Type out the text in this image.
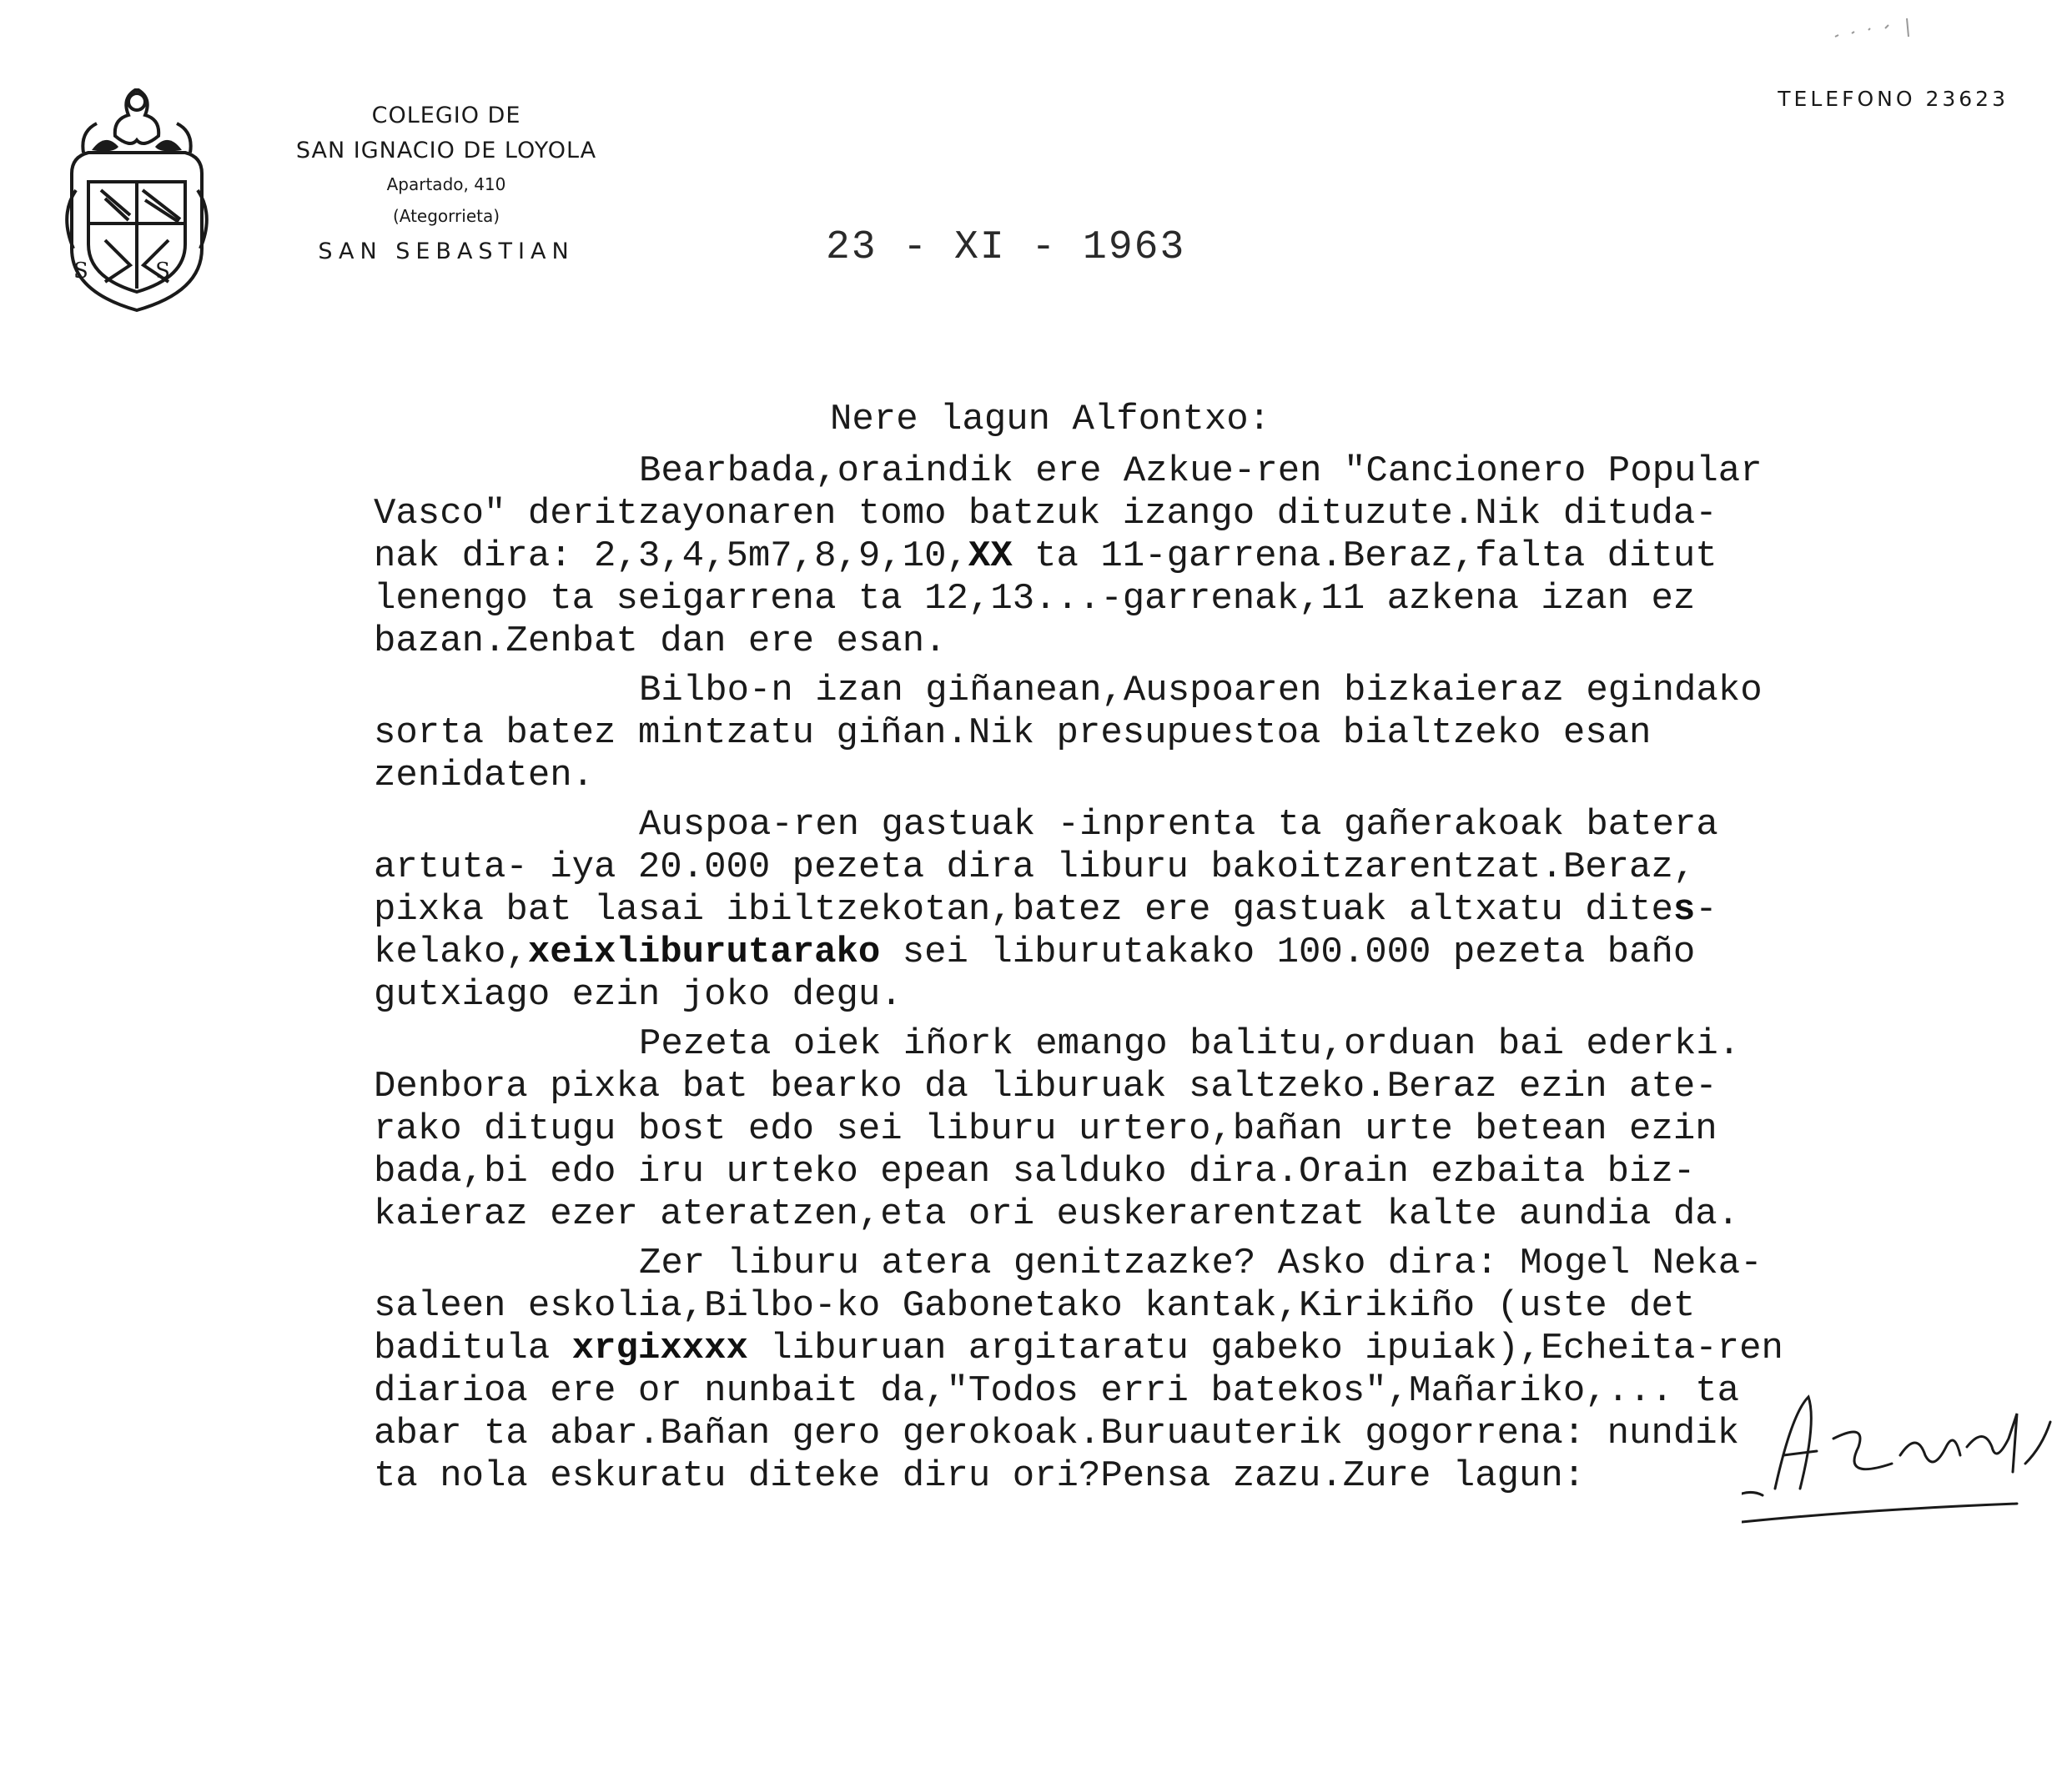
S S
COLEGIO DE
SAN IGNACIO DE LOYOLA
Apartado, 410
(Ategorrieta)
SAN SEBASTIAN
TELEFONO 23623
23 - XI - 1963
Nere lagun Alfontxo:
Bearbada,oraindik ere Azkue-ren "Cancionero Popular
Vasco" deritzayonaren tomo batzuk izango dituzute.Nik dituda-
nak dira: 2,3,4,5m7,8,9,10,XX ta 11-garrena.Beraz,falta ditut
lenengo ta seigarrena ta 12,13...-garrenak,11 azkena izan ez
bazan.Zenbat dan ere esan.
Bilbo-n izan giñanean,Auspoaren bizkaieraz egindako
sorta batez mintzatu giñan.Nik presupuestoa bialtzeko esan
zenidaten.
Auspoa-ren gastuak -inprenta ta gañerakoak batera
artuta- iya 20.000 pezeta dira liburu bakoitzarentzat.Beraz,
pixka bat lasai ibiltzekotan,batez ere gastuak altxatu dites-
kelako,xeixliburutarako sei liburutakako 100.000 pezeta baño
gutxiago ezin joko degu.
Pezeta oiek iñork emango balitu,orduan bai ederki.
Denbora pixka bat bearko da liburuak saltzeko.Beraz ezin ate-
rako ditugu bost edo sei liburu urtero,bañan urte betean ezin
bada,bi edo iru urteko epean salduko dira.Orain ezbaita biz-
kaieraz ezer ateratzen,eta ori euskerarentzat kalte aundia da.
Zer liburu atera genitzazke? Asko dira: Mogel Neka-
saleen eskolia,Bilbo-ko Gabonetako kantak,Kirikiño (uste det
baditula xrgixxxx liburuan argitaratu gabeko ipuiak),Echeita-ren
diarioa ere or nunbait da,"Todos erri batekos",Mañariko,... ta
abar ta abar.Bañan gero gerokoak.Buruauterik gogorrena: nundik
ta nola eskuratu diteke diru ori?Pensa zazu.Zure lagun:
